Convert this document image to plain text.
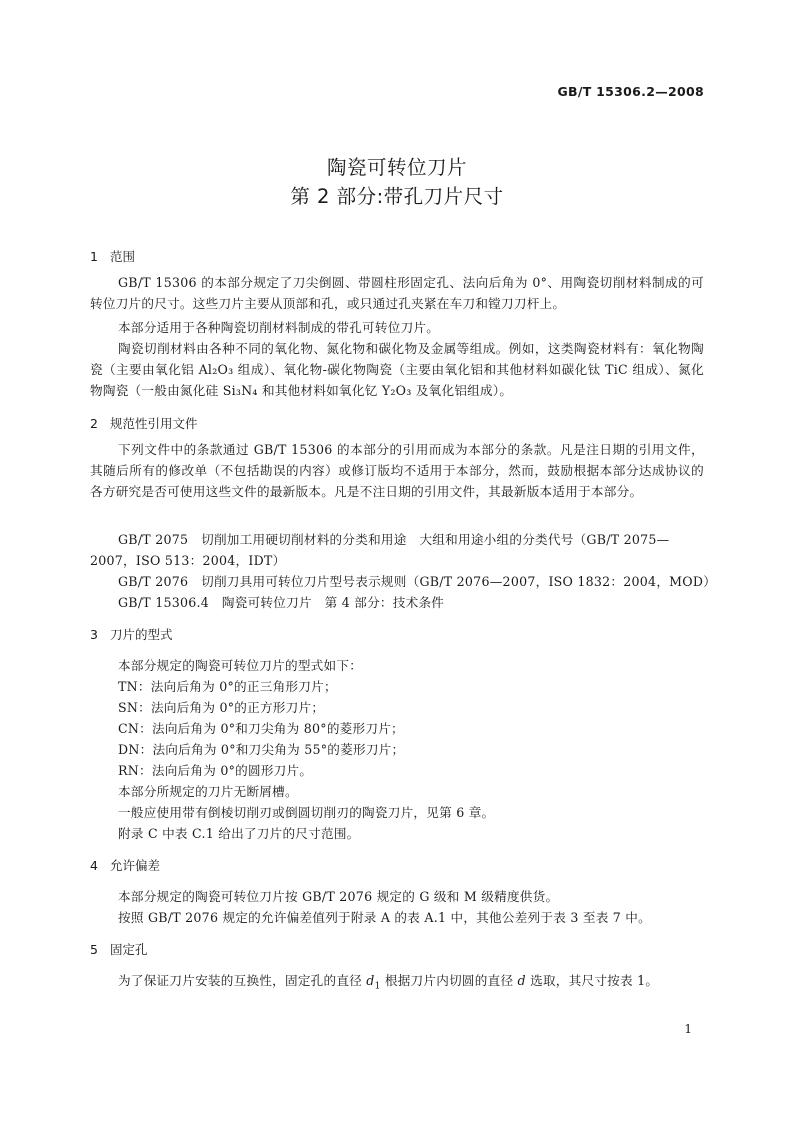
GB/T 15306.2—2008
陶瓷可转位刀片
第 2 部分:带孔刀片尺寸
1 范围
GB/T 15306 的本部分规定了刀尖倒圆、带圆柱形固定孔、法向后角为 0°、用陶瓷切削材料制成的可转位刀片的尺寸。这些刀片主要从顶部和孔，或只通过孔夹紧在车刀和镗刀刀杆上。
本部分适用于各种陶瓷切削材料制成的带孔可转位刀片。
陶瓷切削材料由各种不同的氧化物、氮化物和碳化物及金属等组成。例如，这类陶瓷材料有：氧化物陶瓷（主要由氧化铝 Al₂O₃ 组成）、氧化物-碳化物陶瓷（主要由氧化铝和其他材料如碳化钛 TiC 组成）、氮化物陶瓷（一般由氮化硅 Si₃N₄ 和其他材料如氧化钇 Y₂O₃ 及氧化铝组成）。
2 规范性引用文件
下列文件中的条款通过 GB/T 15306 的本部分的引用而成为本部分的条款。凡是注日期的引用文件，其随后所有的修改单（不包括勘误的内容）或修订版均不适用于本部分，然而，鼓励根据本部分达成协议的各方研究是否可使用这些文件的最新版本。凡是不注日期的引用文件，其最新版本适用于本部分。
GB/T 2075　切削加工用硬切削材料的分类和用途　大组和用途小组的分类代号（GB/T 2075—
2007，ISO 513：2004，IDT）
GB/T 2076　切削刀具用可转位刀片型号表示规则（GB/T 2076—2007，ISO 1832：2004，MOD）
GB/T 15306.4　陶瓷可转位刀片　第 4 部分：技术条件
3 刀片的型式
本部分规定的陶瓷可转位刀片的型式如下：
TN：法向后角为 0°的正三角形刀片；
SN：法向后角为 0°的正方形刀片；
CN：法向后角为 0°和刀尖角为 80°的菱形刀片；
DN：法向后角为 0°和刀尖角为 55°的菱形刀片；
RN：法向后角为 0°的圆形刀片。
本部分所规定的刀片无断屑槽。
一般应使用带有倒棱切削刃或倒圆切削刃的陶瓷刀片，见第 6 章。
附录 C 中表 C.1 给出了刀片的尺寸范围。
4 允许偏差
本部分规定的陶瓷可转位刀片按 GB/T 2076 规定的 G 级和 M 级精度供货。
按照 GB/T 2076 规定的允许偏差值列于附录 A 的表 A.1 中，其他公差列于表 3 至表 7 中。
5 固定孔
为了保证刀片安装的互换性，固定孔的直径 $d_1$ 根据刀片内切圆的直径 d 选取，其尺寸按表 1。
1
